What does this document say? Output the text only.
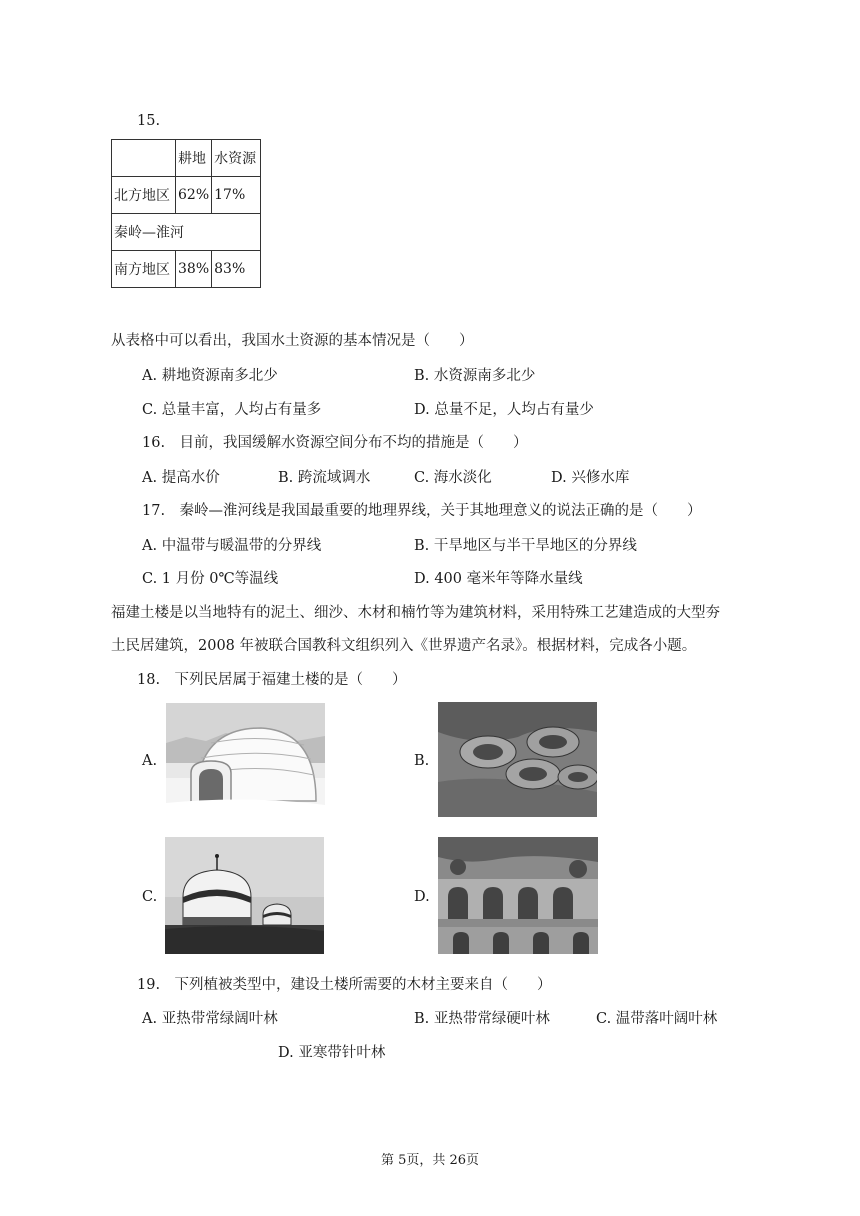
15.
	耕地	水资源
北方地区	62%	17%
秦岭—淮河		
南方地区	38%	83%
从表格中可以看出，我国水土资源的基本情况是（　　）
A. 耕地资源南多北少	B. 水资源南多北少
C. 总量丰富，人均占有量多	D. 总量不足，人均占有量少
16.　目前，我国缓解水资源空间分布不均的措施是（　　）
A. 提高水价	B. 跨流域调水	C. 海水淡化	D. 兴修水库
17.　秦岭—淮河线是我国最重要的地理界线，关于其地理意义的说法正确的是（　　）
A. 中温带与暖温带的分界线	B. 干旱地区与半干旱地区的分界线
C. 1 月份 0℃等温线	D. 400 毫米年等降水量线
福建土楼是以当地特有的泥土、细沙、木材和楠竹等为建筑材料，采用特殊工艺建造成的大型夯
土民居建筑，2008 年被联合国教科文组织列入《世界遗产名录》。根据材料，完成各小题。
18.　下列民居属于福建土楼的是（　　）
A.	B.
C.	D.
19.　下列植被类型中，建设土楼所需要的木材主要来自（　　）
A. 亚热带常绿阔叶林	B. 亚热带常绿硬叶林	C. 温带落叶阔叶林
D. 亚寒带针叶林
第 5页，共 26页
